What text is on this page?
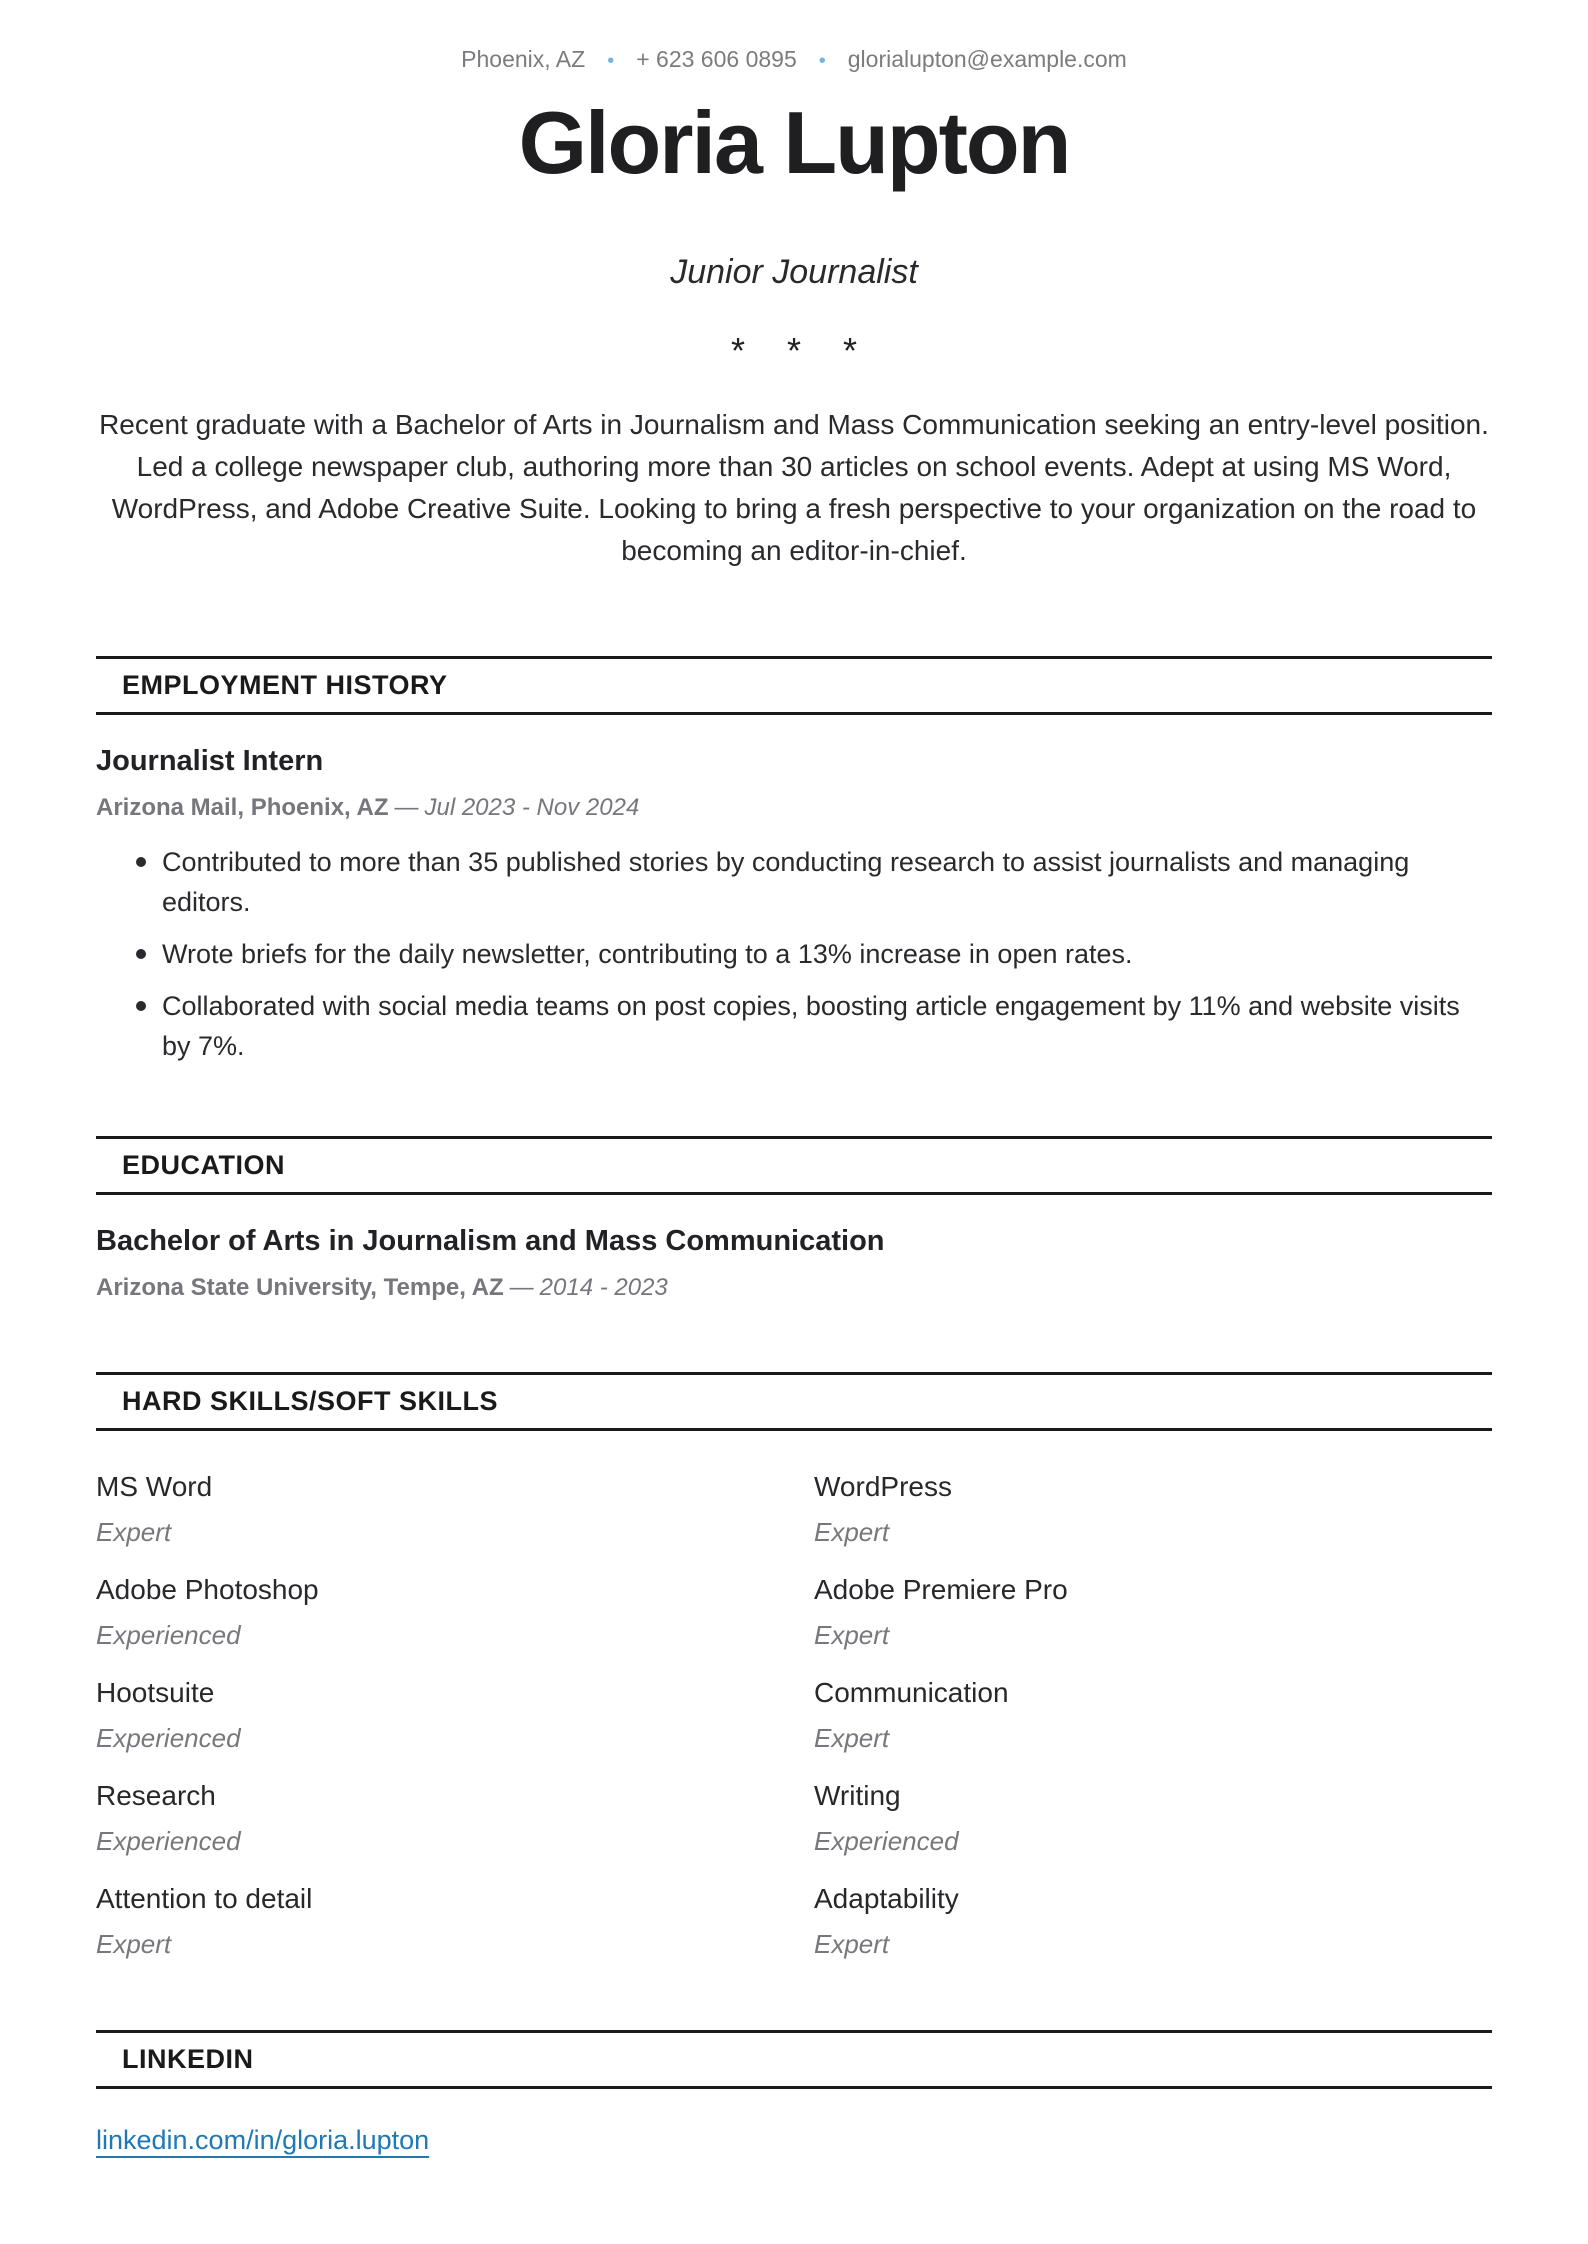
Phoenix, AZ • + 623 606 0895 • glorialupton@example.com
Gloria Lupton
Junior Journalist
* * *

Recent graduate with a Bachelor of Arts in Journalism and Mass Communication seeking an entry-level position. Led a college newspaper club, authoring more than 30 articles on school events. Adept at using MS Word, WordPress, and Adobe Creative Suite. Looking to bring a fresh perspective to your organization on the road to becoming an editor-in-chief.

EMPLOYMENT HISTORY
Journalist Intern
Arizona Mail, Phoenix, AZ — Jul 2023 - Nov 2024
Contributed to more than 35 published stories by conducting research to assist journalists and managing editors.
Wrote briefs for the daily newsletter, contributing to a 13% increase in open rates.
Collaborated with social media teams on post copies, boosting article engagement by 11% and website visits by 7%.
EDUCATION
Bachelor of Arts in Journalism and Mass Communication
Arizona State University, Tempe, AZ — 2014 - 2023
HARD SKILLS/SOFT SKILLS
MS Word
Expert
WordPress
Expert
Adobe Photoshop
Experienced
Adobe Premiere Pro
Expert
Hootsuite
Experienced
Communication
Expert
Research
Experienced
Writing
Experienced
Attention to detail
Expert
Adaptability
Expert
LINKEDIN
linkedin.com/in/gloria.lupton
